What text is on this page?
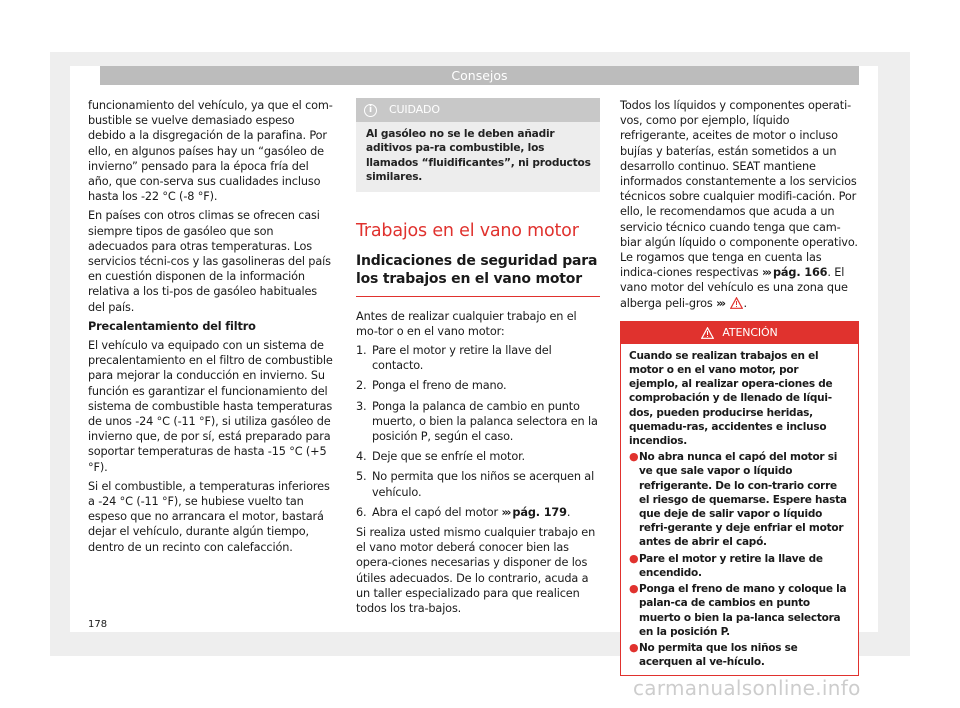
Consejos

funcionamiento del vehículo, ya que el com-bustible se vuelve demasiado espeso debido a la disgregación de la parafina. Por ello, en algunos países hay un “gasóleo de invierno” pensado para la época fría del año, que con-serva sus cualidades incluso hasta los -22 °C (-8 °F).

En países con otros climas se ofrecen casi siempre tipos de gasóleo que son adecuados para otras temperaturas. Los servicios técni-cos y las gasolineras del país en cuestión disponen de la información relativa a los ti-pos de gasóleo habituales del país.

Precalentamiento del filtro

El vehículo va equipado con un sistema de precalentamiento en el filtro de combustible para mejorar la conducción en invierno. Su función es garantizar el funcionamiento del sistema de combustible hasta temperaturas de unos -24 °C (-11 °F), si utiliza gasóleo de invierno que, de por sí, está preparado para soportar temperaturas de hasta -15 °C (+5 °F).

Si el combustible, a temperaturas inferiores a -24 °C (-11 °F), se hubiese vuelto tan espeso que no arrancara el motor, bastará dejar el vehículo, durante algún tiempo, dentro de un recinto con calefacción.

i	CUIDADO
Al gasóleo no se le deben añadir aditivos pa-ra combustible, los llamados “fluidificantes”, ni productos similares.
Trabajos en el vano motor
Indicaciones de seguridad para los trabajos en el vano motor

Antes de realizar cualquier trabajo en el mo-tor o en el vano motor:

1. Pare el motor y retire la llave del contacto.
2. Ponga el freno de mano.
3. Ponga la palanca de cambio en punto muerto, o bien la palanca selectora en la posición P, según el caso.
4. Deje que se enfríe el motor.
5. No permita que los niños se acerquen al vehículo.
6. Abra el capó del motor ››› pág. 179.

Si realiza usted mismo cualquier trabajo en el vano motor deberá conocer bien las opera-ciones necesarias y disponer de los útiles adecuados. De lo contrario, acuda a un taller especializado para que realicen todos los tra-bajos.

Todos los líquidos y componentes operati-vos, como por ejemplo, líquido refrigerante, aceites de motor o incluso bujías y baterías, están sometidos a un desarrollo continuo. SEAT mantiene informados constantemente a los servicios técnicos sobre cualquier modifi-cación. Por ello, le recomendamos que acuda a un servicio técnico cuando tenga que cam-biar algún líquido o componente operativo. Le rogamos que tenga en cuenta las indica-ciones respectivas ››› pág. 166. El vano motor del vehículo es una zona que alberga peli-gros ››› .

ATENCIÓN

Cuando se realizan trabajos en el motor o en el vano motor, por ejemplo, al realizar opera-ciones de comprobación y de llenado de líqui-dos, pueden producirse heridas, quemadu-ras, accidentes e incluso incendios.

● No abra nunca el capó del motor si ve que sale vapor o líquido refrigerante. De lo con-trario corre el riesgo de quemarse. Espere hasta que deje de salir vapor o líquido refri-gerante y deje enfriar el motor antes de abrir el capó.
● Pare el motor y retire la llave de encendido.
● Ponga el freno de mano y coloque la palan-ca de cambios en punto muerto o bien la pa-lanca selectora en la posición P.
● No permita que los niños se acerquen al ve-hículo.
178
carmanualsonline.info
